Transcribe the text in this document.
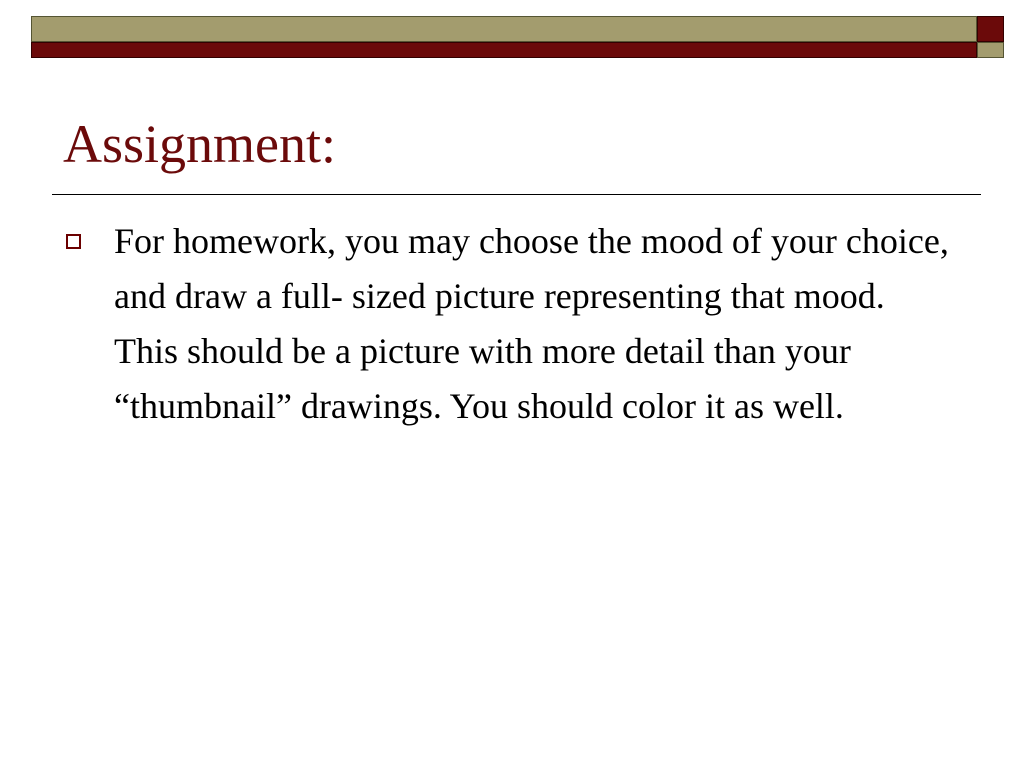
Assignment:

For homework, you may choose the mood of your choice, and draw a full- sized picture representing that mood. This should be a picture with more detail than your “thumbnail” drawings. You should color it as well.
